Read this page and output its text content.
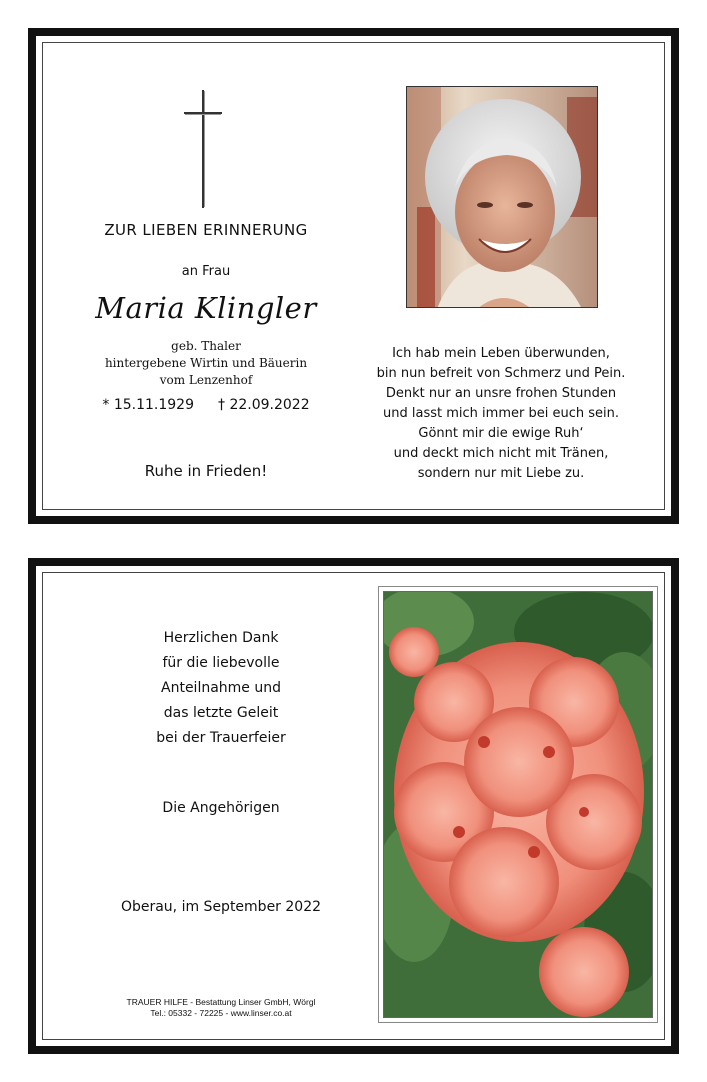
ZUR LIEBEN ERINNERUNG
an Frau
Maria Klingler
geb. Thaler
hintergebene Wirtin und Bäuerin
vom Lenzenhof
* 15.11.1929 † 22.09.2022
Ruhe in Frieden!
Ich hab mein Leben überwunden,
bin nun befreit von Schmerz und Pein.
Denkt nur an unsre frohen Stunden
und lasst mich immer bei euch sein.
Gönnt mir die ewige Ruh‘
und deckt mich nicht mit Tränen,
sondern nur mit Liebe zu.
Herzlichen Dank
für die liebevolle
Anteilnahme und
das letzte Geleit
bei der Trauerfeier
Die Angehörigen
Oberau, im September 2022
TRAUER HILFE - Bestattung Linser GmbH, Wörgl
Tel.: 05332 - 72225 - www.linser.co.at
